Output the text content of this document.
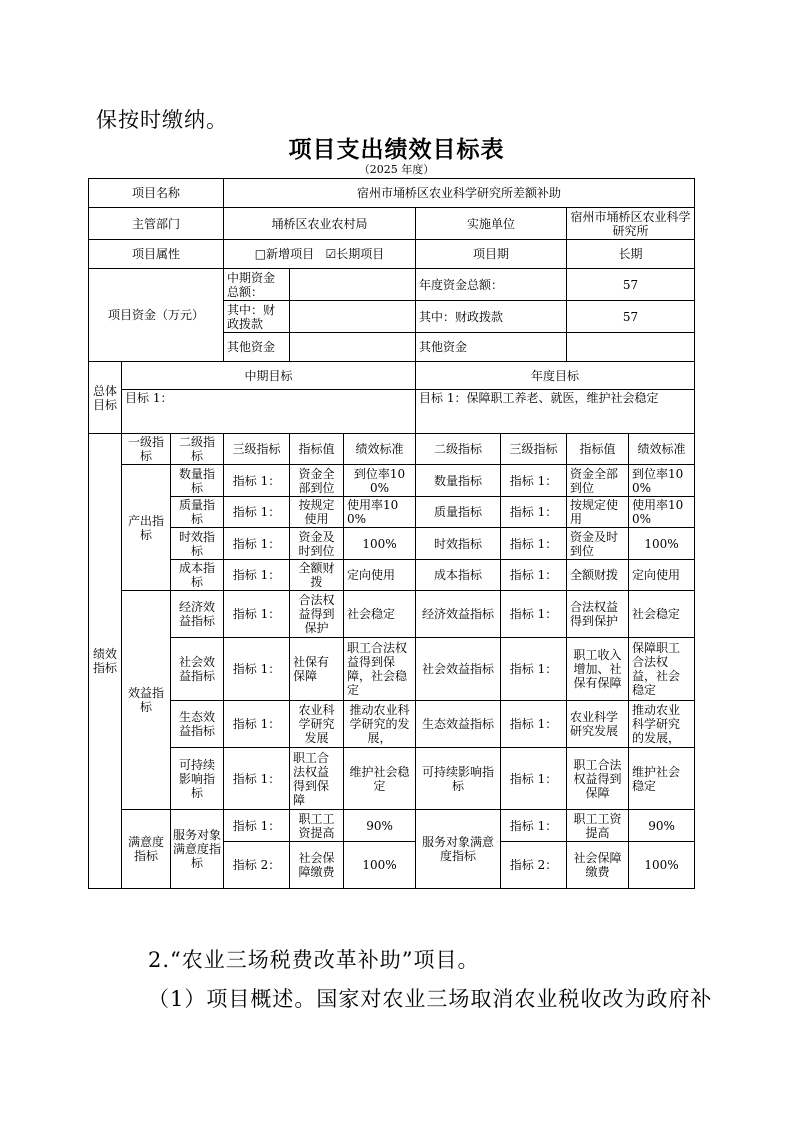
保按时缴纳。
项目支出绩效目标表
（2025 年度）
项目名称			宿州市埇桥区农业科学研究所差额补助						
主管部门			埇桥区农业农村局			实施单位		宿州市埇桥区农业科学研究所	
项目属性			□新增项目 ☑长期项目			项目期		长期	
项目资金（万元）			中期资金总额：			年度资金总额：		57	
			其中：财政拨款			其中：财政拨款		57	
			其他资金			其他资金			
总体目标	中期目标					年度目标			
	目标 1：					目标 1：保障职工养老、就医，维护社会稳定			
绩效指标	一级指标	二级指标	三级指标	指标值	绩效标准	二级指标	三级指标	指标值	绩效标准
	产出指标	数量指标	指标 1：	资金全部到位	到位率100%	数量指标	指标 1：	资金全部到位	到位率100%
		质量指标	指标 1：	按规定使用	使用率100%	质量指标	指标 1：	按规定使用	使用率100%
		时效指标	指标 1：	资金及时到位	100%	时效指标	指标 1：	资金及时到位	100%
		成本指标	指标 1：	全额财拨	定向使用	成本指标	指标 1：	全额财拨	定向使用
	效益指标	经济效益指标	指标 1：	合法权益得到保护	社会稳定	经济效益指标	指标 1：	合法权益得到保护	社会稳定
		社会效益指标	指标 1：	社保有保障	职工合法权益得到保障，社会稳定	社会效益指标	指标 1：	职工收入增加、社保有保障	保障职工合法权益，社会稳定
		生态效益指标	指标 1：	农业科学研究发展	推动农业科学研究的发展，	生态效益指标	指标 1：	农业科学研究发展	推动农业科学研究的发展，
		可持续影响指标	指标 1：	职工合法权益得到保障	维护社会稳定	可持续影响指标	指标 1：	职工合法权益得到保障	维护社会稳定
	满意度指标	服务对象满意度指标	指标 1：	职工工资提高	90%	服务对象满意度指标	指标 1：	职工工资提高	90%
			指标 2：	社会保障缴费	100%		指标 2：	社会保障缴费	100%
2.“农业三场税费改革补助”项目。
（1）项目概述。国家对农业三场取消农业税收改为政府补
